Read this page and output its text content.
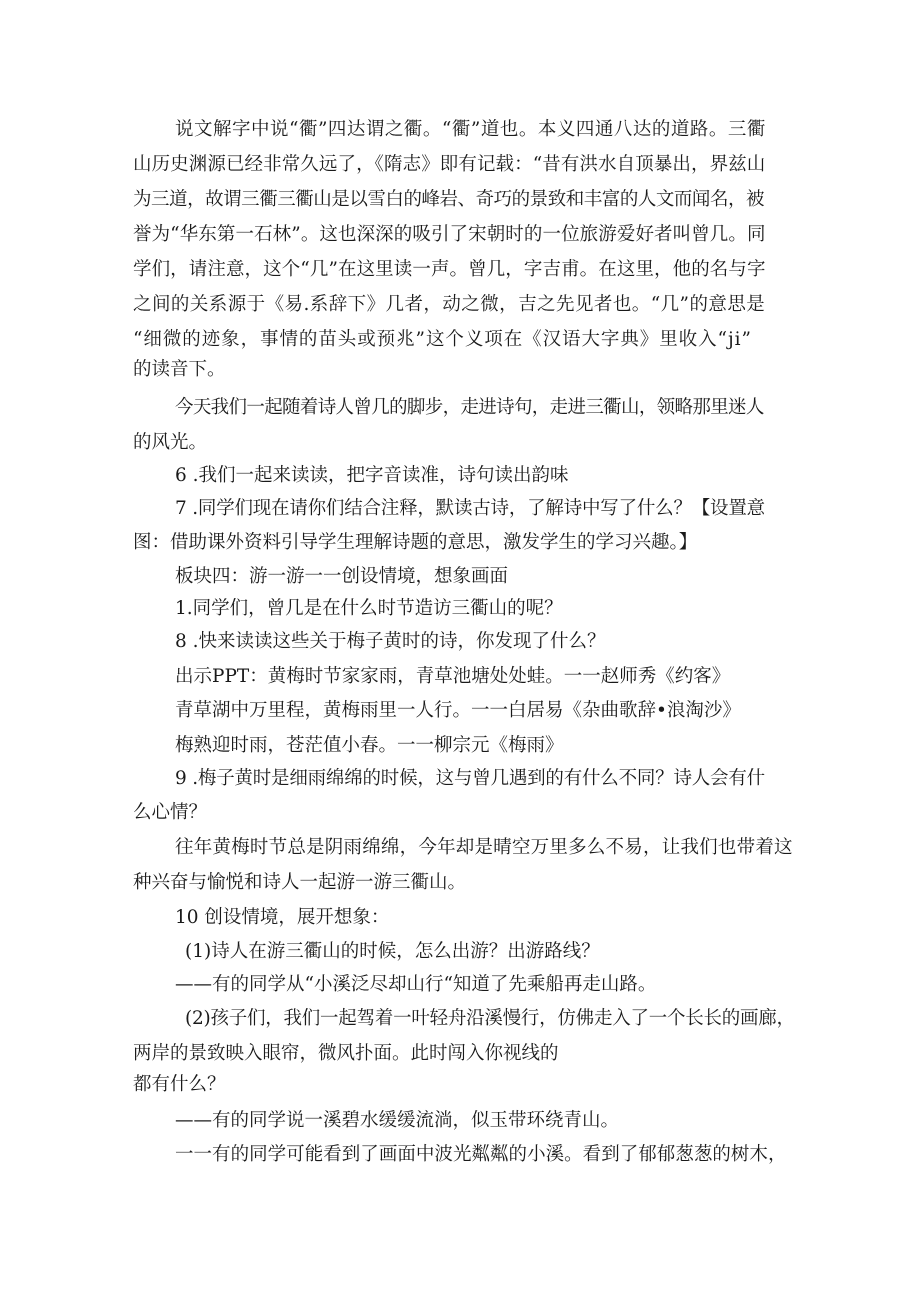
说文解字中说“衢”四达谓之衢。“衢”道也。本义四通八达的道路。三衢
山历史渊源已经非常久远了，《隋志》即有记载：“昔有洪水自顶暴出，界兹山
为三道，故谓三衢三衢山是以雪白的峰岩、奇巧的景致和丰富的人文而闻名，被
誉为“华东第一石林”。这也深深的吸引了宋朝时的一位旅游爱好者叫曾几。同
学们，请注意，这个“几”在这里读一声。曾几，字吉甫。在这里，他的名与字
之间的关系源于《易.系辞下》几者，动之微，吉之先见者也。“几”的意思是
“细微的迹象，事情的苗头或预兆”这个义项在《汉语大字典》里收入“ji”
的读音下。
今天我们一起随着诗人曾几的脚步，走进诗句，走进三衢山，领略那里迷人
的风光。
6 .我们一起来读读，把字音读准，诗句读出韵味
7 .同学们现在请你们结合注释，默读古诗，了解诗中写了什么？【设置意
图：借助课外资料引导学生理解诗题的意思，激发学生的学习兴趣。】
板块四：游一游一一创设情境，想象画面
1.同学们，曾几是在什么时节造访三衢山的呢？
8 .快来读读这些关于梅子黄时的诗，你发现了什么？
出示PPT：黄梅时节家家雨，青草池塘处处蛙。一一赵师秀《约客》
青草湖中万里程，黄梅雨里一人行。一一白居易《杂曲歌辞•浪淘沙》
梅熟迎时雨，苍茫值小春。一一柳宗元《梅雨》
9 .梅子黄时是细雨绵绵的时候，这与曾几遇到的有什么不同？诗人会有什
么心情？
往年黄梅时节总是阴雨绵绵，今年却是晴空万里多么不易，让我们也带着这
种兴奋与愉悦和诗人一起游一游三衢山。
10 创设情境，展开想象：
(1)诗人在游三衢山的时候，怎么出游？出游路线？
——有的同学从“小溪泛尽却山行“知道了先乘船再走山路。
(2)孩子们，我们一起驾着一叶轻舟沿溪慢行，仿佛走入了一个长长的画廊，
两岸的景致映入眼帘，微风扑面。此时闯入你视线的
都有什么？
——有的同学说一溪碧水缓缓流淌，似玉带环绕青山。
一一有的同学可能看到了画面中波光粼粼的小溪。看到了郁郁葱葱的树木，
